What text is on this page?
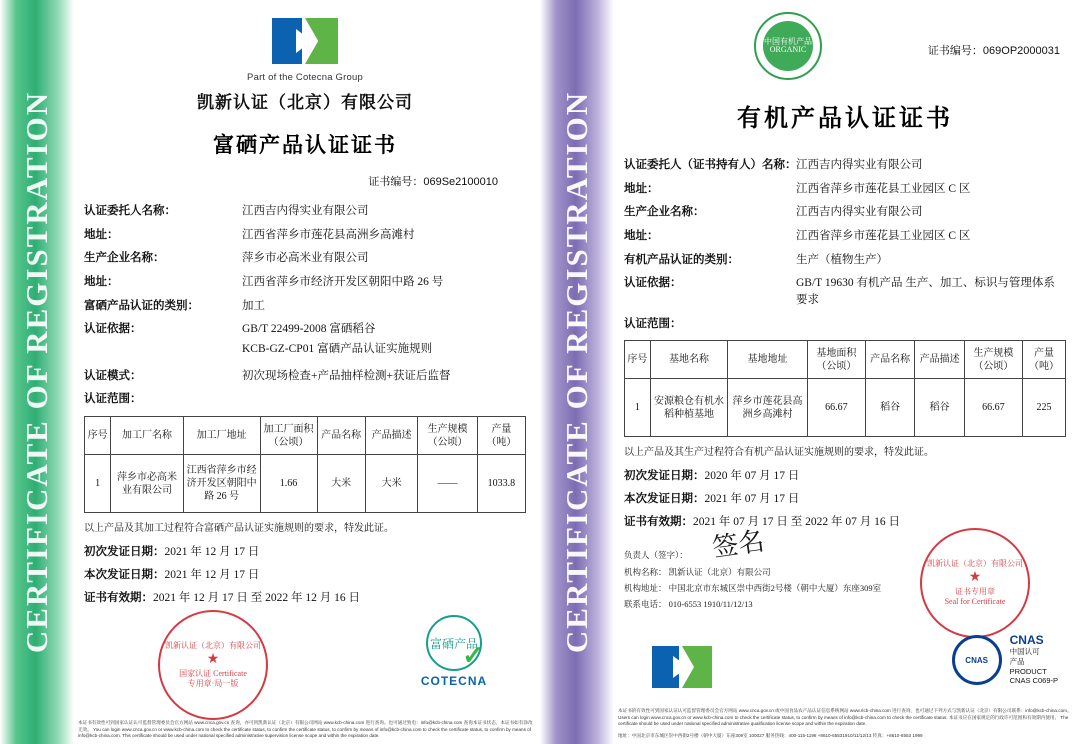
CERTIFICATE OF REGISTRATION
Part of the Cotecna Group
凯新认证（北京）有限公司
富硒产品认证证书
证书编号：069Se2100010
认证委托人名称：	江西吉内得实业有限公司
地址：	江西省萍乡市莲花县高洲乡高滩村
生产企业名称：	萍乡市必高米业有限公司
地址：	江西省萍乡市经济开发区朝阳中路 26 号
富硒产品认证的类别：	加工
认证依据：	GB/T 22499-2008 富硒稻谷
KCB-GZ-CP01 富硒产品认证实施规则
认证模式：	初次现场检查+产品抽样检测+获证后监督
认证范围：
序号	加工厂名称	加工厂地址	加工厂面积（公顷）	产品名称	产品描述	生产规模（公顷）	产量（吨）
1	萍乡市必高米业有限公司	江西省萍乡市经济开发区朝阳中路 26 号	1.66	大米	大米	——	1033.8
以上产品及其加工过程符合富硒产品认证实施规则的要求，特发此证。
初次发证日期：2021 年 12 月 17 日
本次发证日期：2021 年 12 月 17 日
证书有效期：2021 年 12 月 17 日 至 2022 年 12 月 16 日
凯新认证（北京）有限公司

★
国家认证 Certificate
专用章·局一版
富硒产品
✓
COTECNA
本证书有效性可到国家认证认可监督管理委员会官方网站 www.cnca.gov.cn 查询，亦可到凯新认证（北京）有限公司网站 www.kcb-china.com 进行查询。也可通过致电：info@kcb-china.com 查询本证书状态，本证书如有涂改无效。 You can login www.cnca.gov.cn or www.kcb-china.com to check the certificate status, to confirm the certificate status, to confirm by means of info@kcb-china.com to check the certificate status, to confirm by means of info@kcb-china.com. This certificate should be used under national specified administrative supervision license scope and within the expiration date.
CERTIFICATE OF REGISTRATION
中国有机产品 ORGANIC	证书编号：069OP2000031
有机产品认证证书
认证委托人（证书持有人）名称： 江西吉内得实业有限公司
地址：	江西省萍乡市莲花县工业园区 C 区
生产企业名称：	江西吉内得实业有限公司
地址：	江西省萍乡市莲花县工业园区 C 区
有机产品认证的类别：	生产（植物生产）
认证依据：	GB/T 19630 有机产品 生产、加工、标识与管理体系要求
认证范围：
序号	基地名称	基地地址	基地面积（公顷）	产品名称	产品描述	生产规模（公顷）	产量（吨）
1	安源粮仓有机水稻种植基地	萍乡市莲花县高洲乡高滩村	66.67	稻谷	稻谷	66.67	225
以上产品及其生产过程符合有机产品认证实施规则的要求，特发此证。
初次发证日期：2020 年 07 月 17 日
本次发证日期：2021 年 07 月 17 日
证书有效期：2021 年 07 月 17 日 至 2022 年 07 月 16 日
负责人（签字）：
机构名称： 凯新认证（北京）有限公司
机构地址： 中国北京市东城区崇中西街2号楼（朝中大厦）东座309室
联系电话： 010-6553 1910/11/12/13
签名
凯新认证（北京）有限公司

★
证书专用章
Seal for Certificate
CNAS
CNAS
中国认可
产品
PRODUCT
CNAS C069-P
本证书的有效性可到国家认证认可监督管理委员会官方网站 www.cnca.gov.cn 或中国食品农产品认证信息系统网站 www.rlcb-china.com 进行查询，也可通过下列方式与凯新认证（北京）有限公司联系：info@kcb-china.com。 Users can login www.cnca.gov.cn or www.kcb-china.com to check the certificate status, to confirm by means of info@kcb-china.com to check the certificate status. 本证书应在国家规定的行政许可范围和有效期内使用。 The certificate should be used under national specified administrative qualification license scope and within the expiration date.
地址：中国北京市东城区崇中西街2号楼（朝中大厦）东座309室 100027 服务热线：400-115-1196 +8610-65531910/11/12/13 传真：+8610-6553 1999
